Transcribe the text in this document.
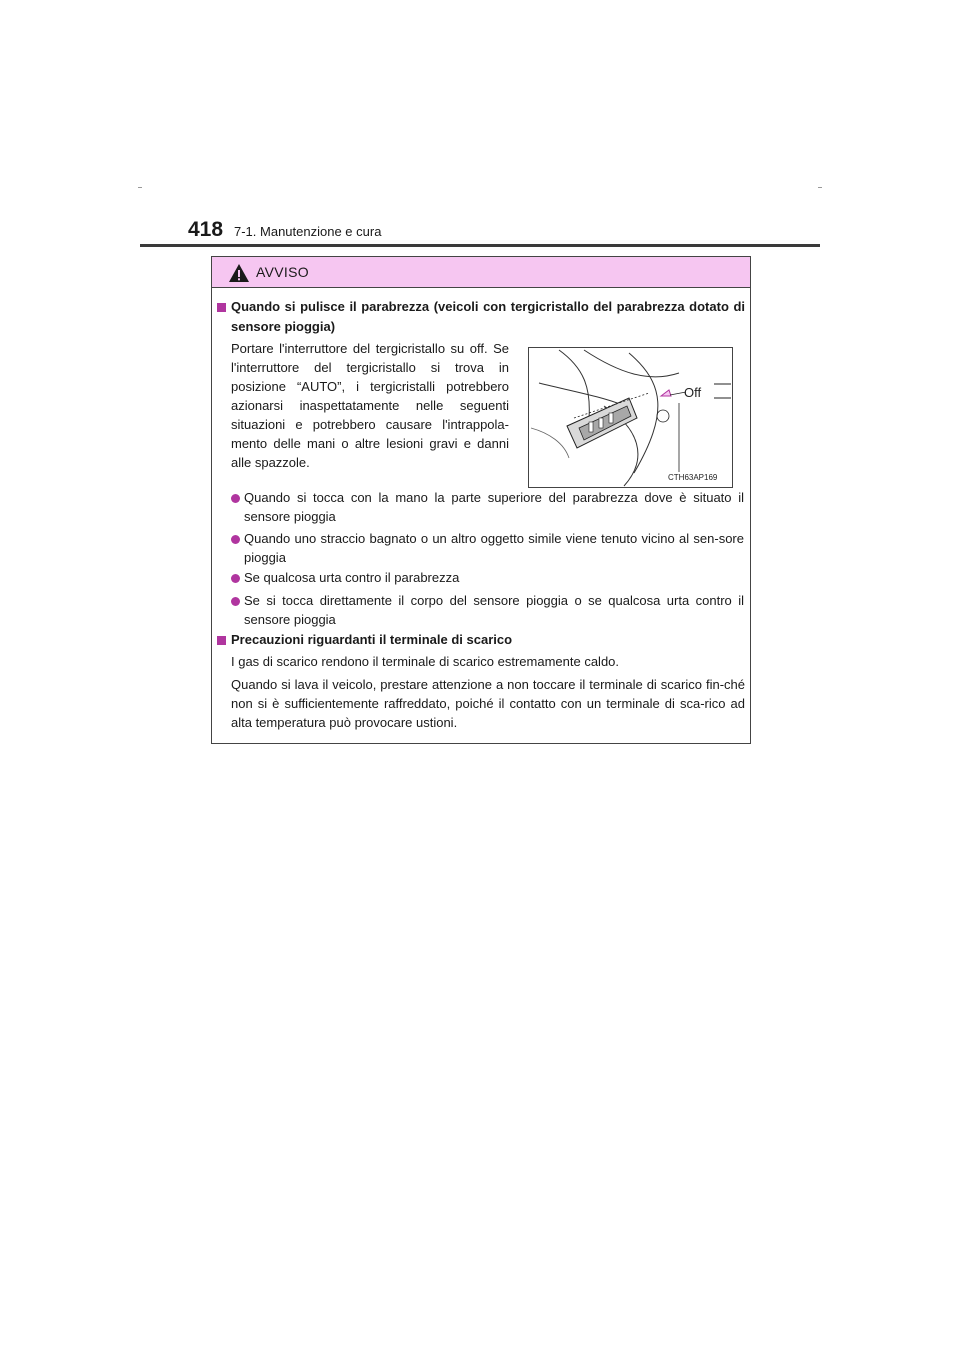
418 7-1. Manutenzione e cura
AVVISO
Quando si pulisce il parabrezza (veicoli con tergicristallo del parabrezza dotato di sensore pioggia)
Portare l'interruttore del tergicristallo su off. Se l'interruttore del tergicristallo si trova in posizione “AUTO”, i tergicristalli potrebbero azionarsi inaspettatamente nelle seguenti situazioni e potrebbero causare l'intrappola-mento delle mani o altre lesioni gravi e danni alle spazzole.
Off
CTH63AP169
Quando si tocca con la mano la parte superiore del parabrezza dove è situato il sensore pioggia
Quando uno straccio bagnato o un altro oggetto simile viene tenuto vicino al sen-sore pioggia
Se qualcosa urta contro il parabrezza
Se si tocca direttamente il corpo del sensore pioggia o se qualcosa urta contro il sensore pioggia
Precauzioni riguardanti il terminale di scarico
I gas di scarico rendono il terminale di scarico estremamente caldo.
Quando si lava il veicolo, prestare attenzione a non toccare il terminale di scarico fin-ché non si è sufficientemente raffreddato, poiché il contatto con un terminale di sca-rico ad alta temperatura può provocare ustioni.
